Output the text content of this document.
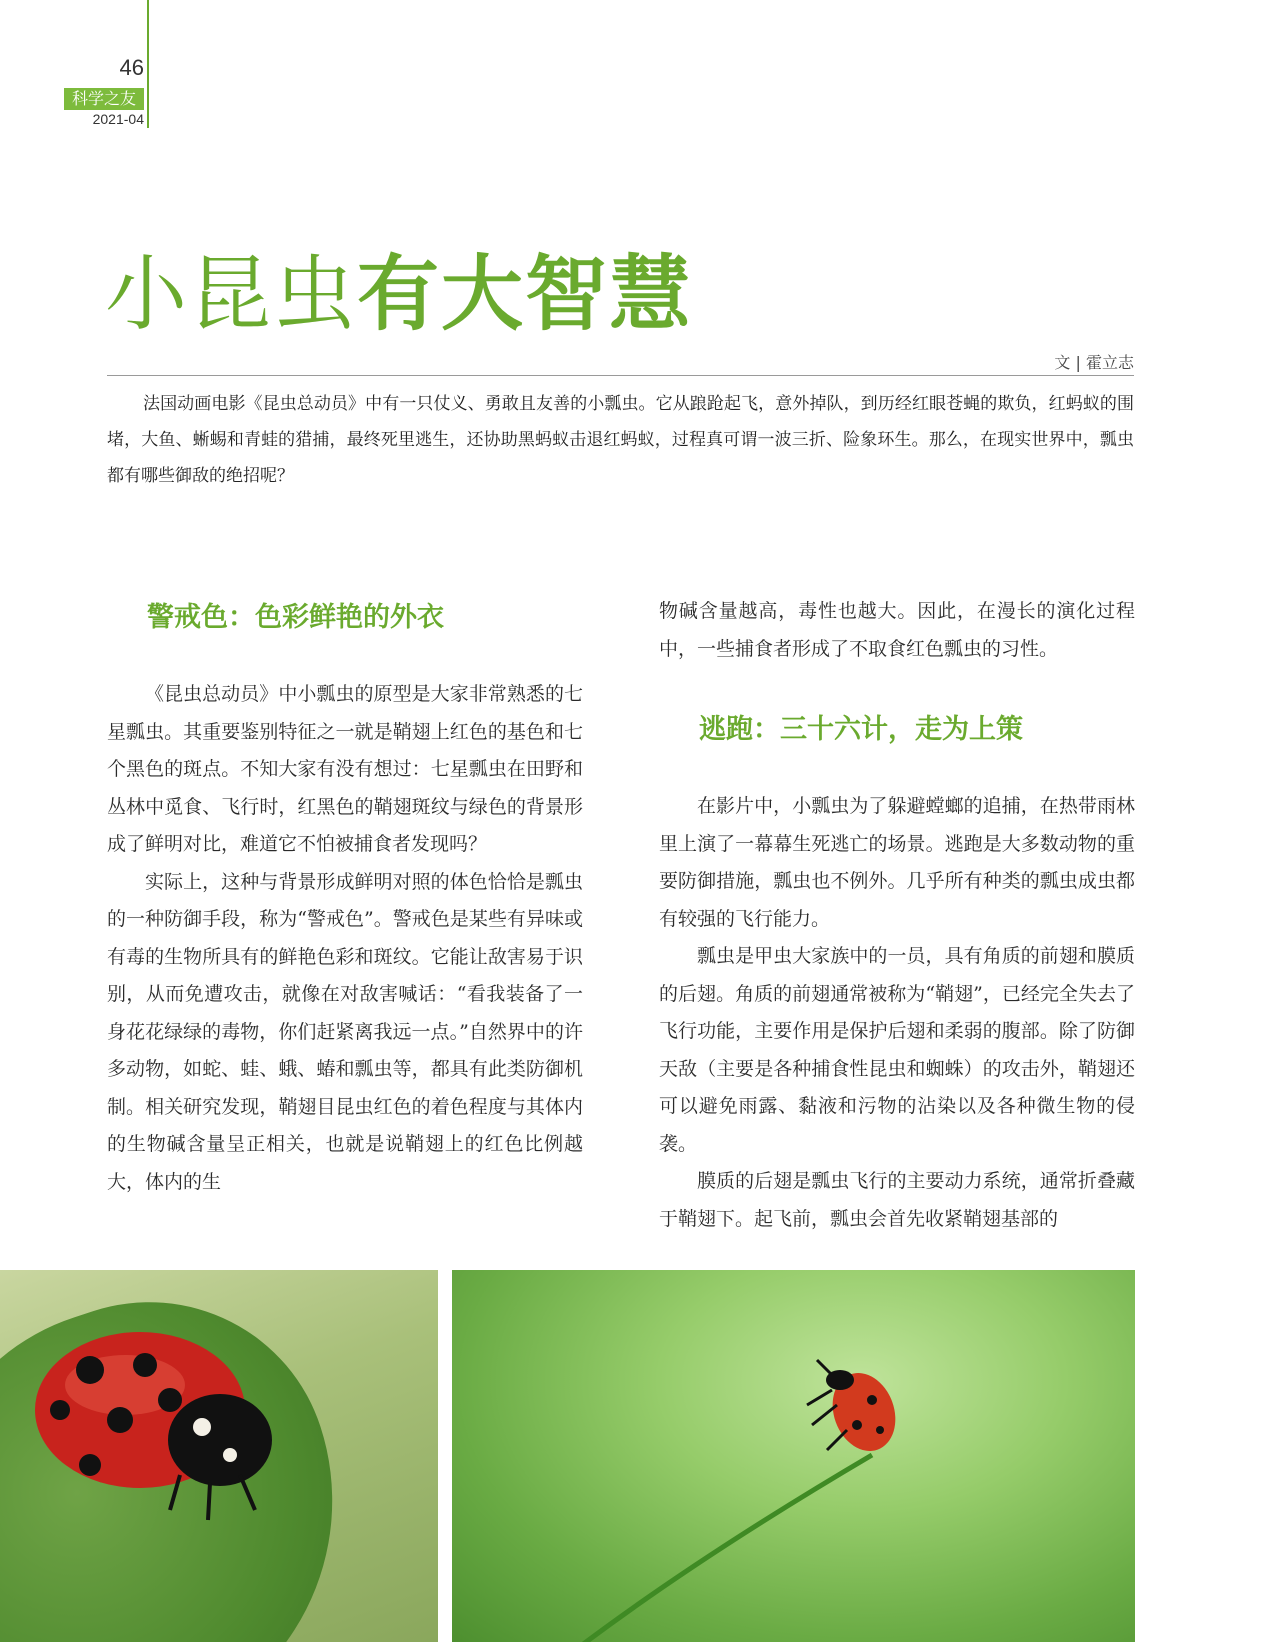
46
科学之友
2021-04
小昆虫有大智慧
文 | 霍立志
法国动画电影《昆虫总动员》中有一只仗义、勇敢且友善的小瓢虫。它从踉跄起飞，意外掉队，到历经红眼苍蝇的欺负，红蚂蚁的围堵，大鱼、蜥蜴和青蛙的猎捕，最终死里逃生，还协助黑蚂蚁击退红蚂蚁，过程真可谓一波三折、险象环生。那么，在现实世界中，瓢虫都有哪些御敌的绝招呢？
警戒色：色彩鲜艳的外衣

《昆虫总动员》中小瓢虫的原型是大家非常熟悉的七星瓢虫。其重要鉴别特征之一就是鞘翅上红色的基色和七个黑色的斑点。不知大家有没有想过：七星瓢虫在田野和丛林中觅食、飞行时，红黑色的鞘翅斑纹与绿色的背景形成了鲜明对比，难道它不怕被捕食者发现吗？

实际上，这种与背景形成鲜明对照的体色恰恰是瓢虫的一种防御手段，称为“警戒色”。警戒色是某些有异味或有毒的生物所具有的鲜艳色彩和斑纹。它能让敌害易于识别，从而免遭攻击，就像在对敌害喊话：“看我装备了一身花花绿绿的毒物，你们赶紧离我远一点。”自然界中的许多动物，如蛇、蛙、蛾、蝽和瓢虫等，都具有此类防御机制。相关研究发现，鞘翅目昆虫红色的着色程度与其体内的生物碱含量呈正相关，也就是说鞘翅上的红色比例越大，体内的生

物碱含量越高，毒性也越大。因此，在漫长的演化过程中，一些捕食者形成了不取食红色瓢虫的习性。

逃跑：三十六计，走为上策

在影片中，小瓢虫为了躲避螳螂的追捕，在热带雨林里上演了一幕幕生死逃亡的场景。逃跑是大多数动物的重要防御措施，瓢虫也不例外。几乎所有种类的瓢虫成虫都有较强的飞行能力。

瓢虫是甲虫大家族中的一员，具有角质的前翅和膜质的后翅。角质的前翅通常被称为“鞘翅”，已经完全失去了飞行功能，主要作用是保护后翅和柔弱的腹部。除了防御天敌（主要是各种捕食性昆虫和蜘蛛）的攻击外，鞘翅还可以避免雨露、黏液和污物的沾染以及各种微生物的侵袭。

膜质的后翅是瓢虫飞行的主要动力系统，通常折叠藏于鞘翅下。起飞前，瓢虫会首先收紧鞘翅基部的
